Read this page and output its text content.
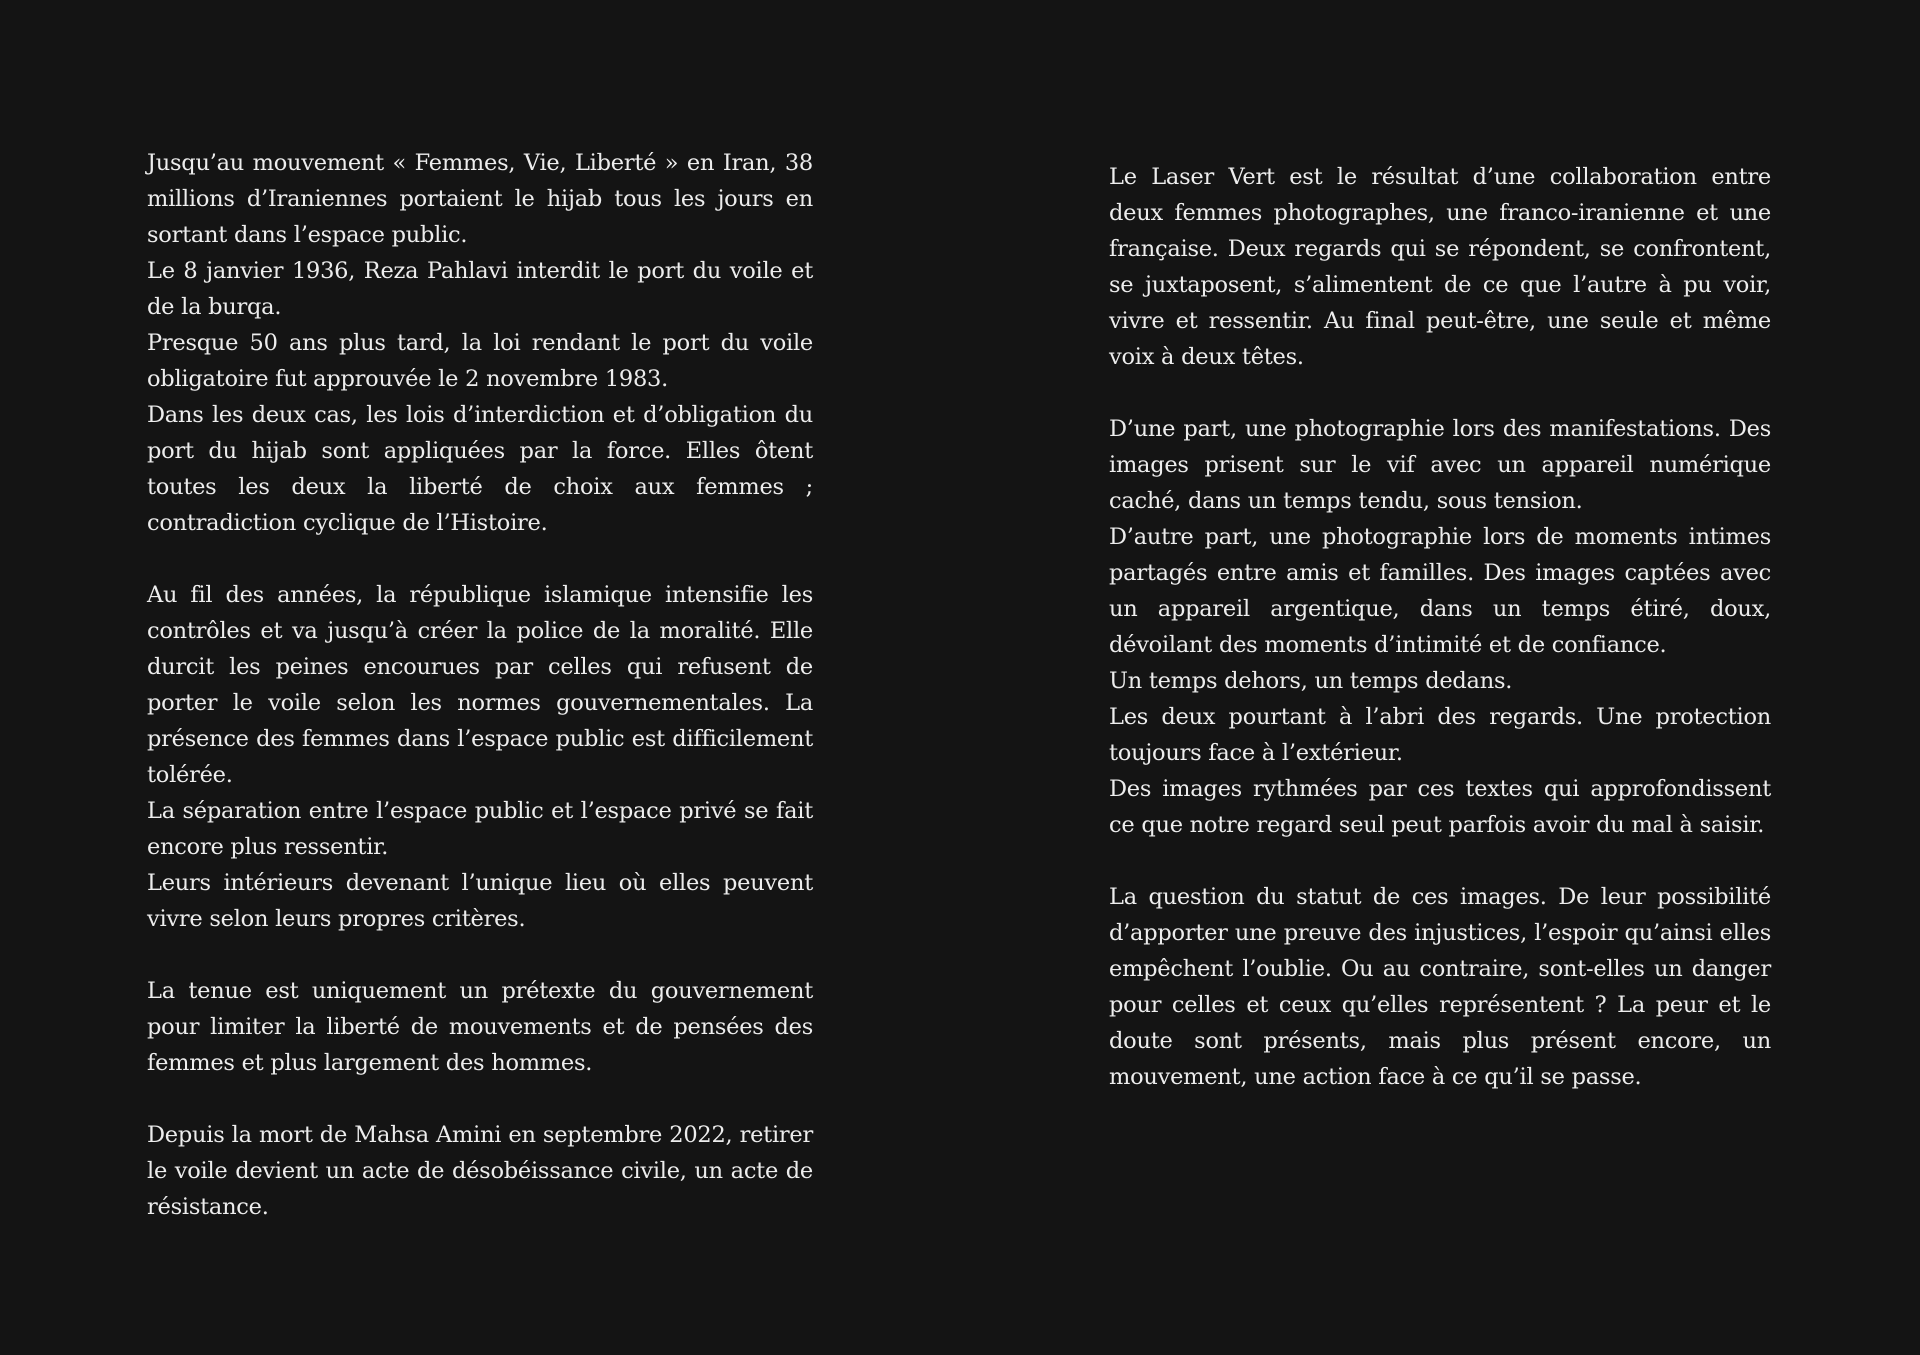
Jusqu’au mouvement « Femmes, Vie, Liberté » en Iran, 38 millions d’Iraniennes portaient le hijab tous les jours en sortant dans l’espace public.
Le 8 janvier 1936, Reza Pahlavi interdit le port du voile et de la burqa.
Presque 50 ans plus tard, la loi rendant le port du voile obligatoire fut approuvée le 2 novembre 1983.
Dans les deux cas, les lois d’interdiction et d’obligation du port du hijab sont appliquées par la force. Elles ôtent toutes les deux la liberté de choix aux femmes ; contradiction cyclique de l’Histoire.
Au fil des années, la république islamique intensifie les contrôles et va jusqu’à créer la police de la moralité. Elle durcit les peines encourues par celles qui refusent de porter le voile selon les normes gouvernementales. La présence des femmes dans l’espace public est difficilement tolérée.
La séparation entre l’espace public et l’espace privé se fait encore plus ressentir.
Leurs intérieurs devenant l’unique lieu où elles peuvent vivre selon leurs propres critères.
La tenue est uniquement un prétexte du gouvernement pour limiter la liberté de mouvements et de pensées des femmes et plus largement des hommes.
Depuis la mort de Mahsa Amini en septembre 2022, retirer le voile devient un acte de désobéissance civile, un acte de résistance.
Le Laser Vert est le résultat d’une collaboration entre deux femmes photographes, une franco-iranienne et une française. Deux regards qui se répondent, se confrontent, se juxtaposent, s’alimentent de ce que l’autre à pu voir, vivre et ressentir. Au final peut-être, une seule et même voix à deux têtes.
D’une part, une photographie lors des manifestations. Des images prisent sur le vif avec un appareil numérique caché, dans un temps tendu, sous tension.
D’autre part, une photographie lors de moments intimes partagés entre amis et familles. Des images captées avec un appareil argentique, dans un temps étiré, doux, dévoilant des moments d’intimité et de confiance.
Un temps dehors, un temps dedans.
Les deux pourtant à l’abri des regards. Une protection toujours face à l’extérieur.
Des images rythmées par ces textes qui approfondissent ce que notre regard seul peut parfois avoir du mal à saisir.
La question du statut de ces images. De leur possibilité d’apporter une preuve des injustices, l’espoir qu’ainsi elles empêchent l’oublie. Ou au contraire, sont-elles un danger pour celles et ceux qu’elles représentent ? La peur et le doute sont présents, mais plus présent encore, un mouvement, une action face à ce qu’il se passe.
